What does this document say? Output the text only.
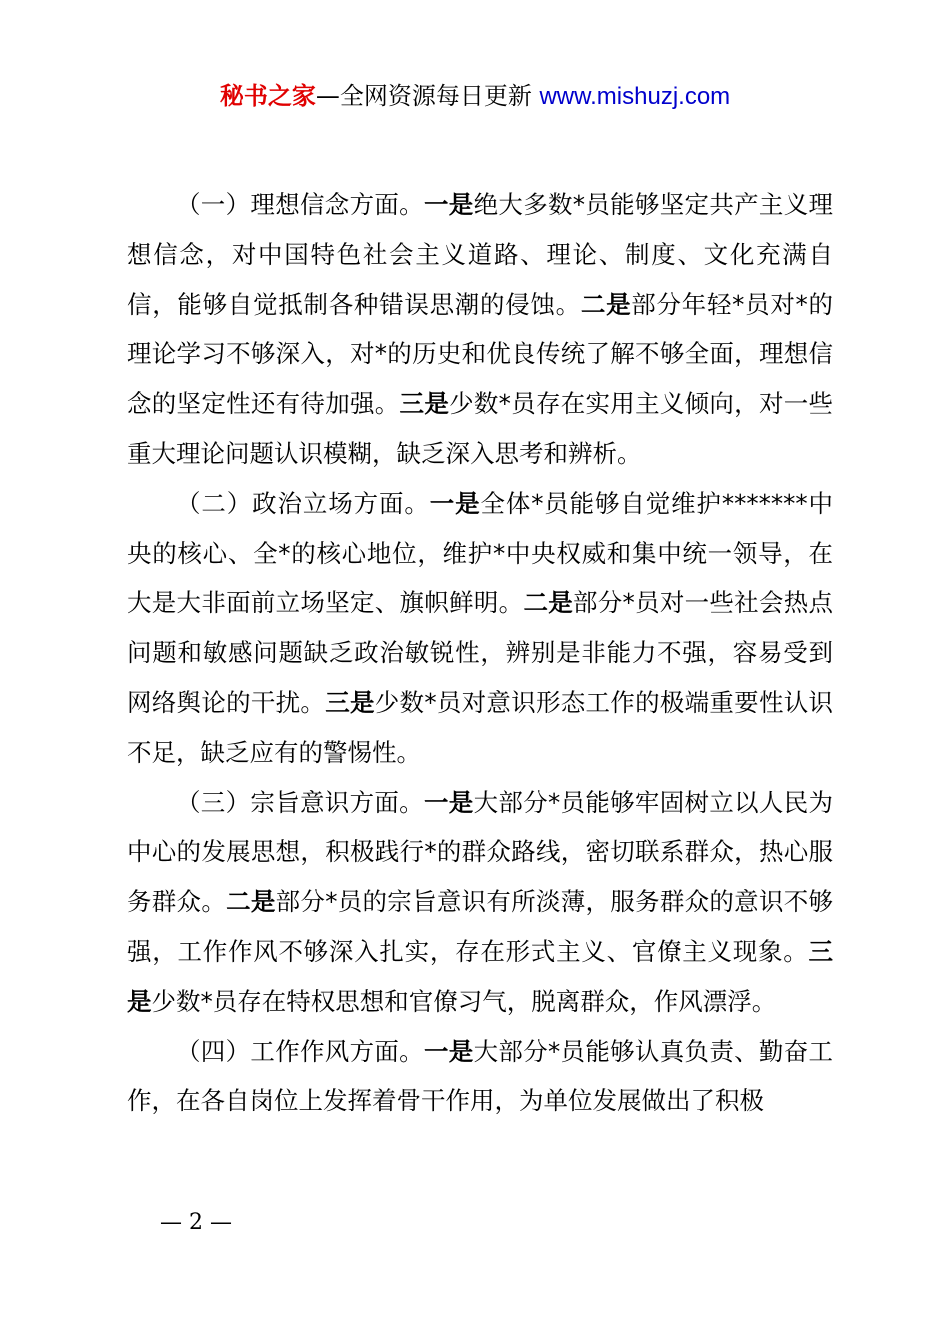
秘书之家—全网资源每日更新 www.mishuzj.com

（一）理想信念方面。一是绝大多数*员能够坚定共产主义理想信念，对中国特色社会主义道路、理论、制度、文化充满自信，能够自觉抵制各种错误思潮的侵蚀。二是部分年轻*员对*的理论学习不够深入，对*的历史和优良传统了解不够全面，理想信念的坚定性还有待加强。三是少数*员存在实用主义倾向，对一些重大理论问题认识模糊，缺乏深入思考和辨析。

（二）政治立场方面。一是全体*员能够自觉维护*******中央的核心、全*的核心地位，维护*中央权威和集中统一领导，在大是大非面前立场坚定、旗帜鲜明。二是部分*员对一些社会热点问题和敏感问题缺乏政治敏锐性，辨别是非能力不强，容易受到网络舆论的干扰。三是少数*员对意识形态工作的极端重要性认识不足，缺乏应有的警惕性。

（三）宗旨意识方面。一是大部分*员能够牢固树立以人民为中心的发展思想，积极践行*的群众路线，密切联系群众，热心服务群众。二是部分*员的宗旨意识有所淡薄，服务群众的意识不够强，工作作风不够深入扎实，存在形式主义、官僚主义现象。三是少数*员存在特权思想和官僚习气，脱离群众，作风漂浮。

（四）工作作风方面。一是大部分*员能够认真负责、勤奋工作，在各自岗位上发挥着骨干作用，为单位发展做出了积极

— 2 —
